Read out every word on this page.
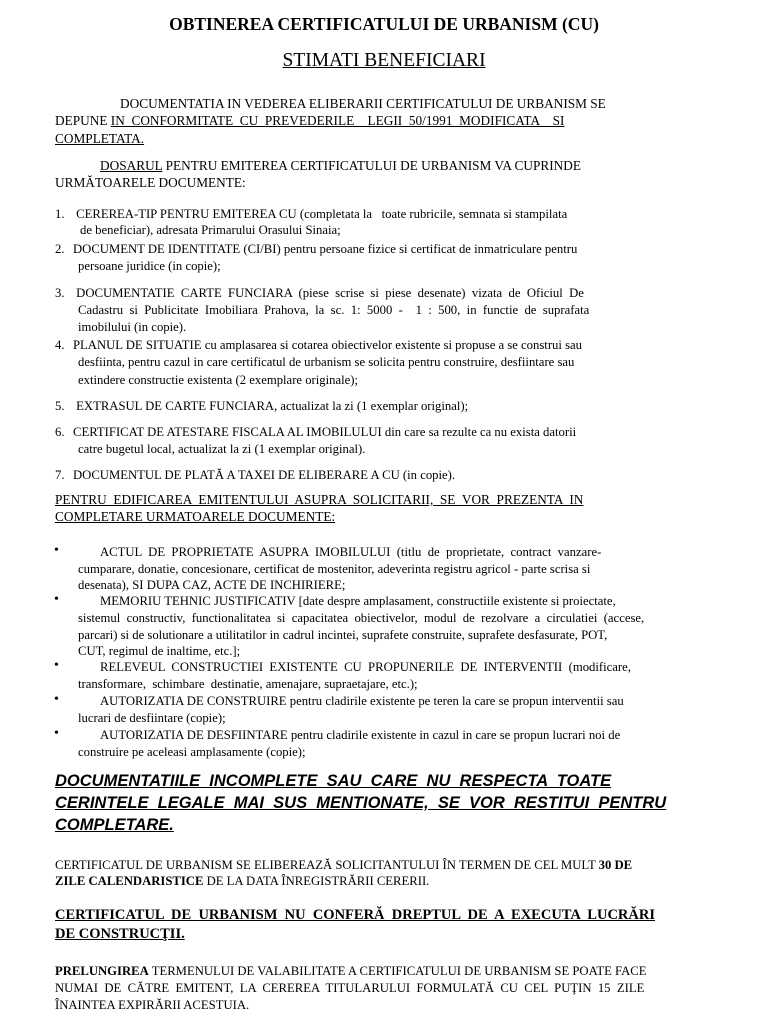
OBTINEREA CERTIFICATULUI DE URBANISM (CU)
STIMATI BENEFICIARI
DOCUMENTATIA IN VEDEREA ELIBERARII CERTIFICATULUI DE URBANISM SE
DEPUNE IN  CONFORMITATE  CU  PREVEDERILE    LEGII  50/1991  MODIFICATA    SI
COMPLETATA.
DOSARUL PENTRU EMITEREA CERTIFICATULUI DE URBANISM VA CUPRINDE
URMĂTOARELE DOCUMENTE:
1. CEREREA-TIP PENTRU EMITEREA CU (completata la   toate rubricile, semnata si stampilata
de beneficiar), adresata Primarului Orasului Sinaia;
2. DOCUMENT DE IDENTITATE (CI/BI) pentru persoane fizice si certificat de inmatriculare pentru
persoane juridice (in copie);
3. DOCUMENTATIE  CARTE  FUNCIARA  (piese  scrise  si  piese  desenate)  vizata  de  Oficiul  De
Cadastru  si  Publicitate  Imobiliara  Prahova,  la  sc.  1:  5000  -    1  :  500,  in  functie  de  suprafata
imobilului (in copie).
4. PLANUL DE SITUATIE cu amplasarea si cotarea obiectivelor existente si propuse a se construi sau
desfiinta, pentru cazul in care certificatul de urbanism se solicita pentru construire, desfiintare sau
extindere constructie existenta (2 exemplare originale);
5. EXTRASUL DE CARTE FUNCIARA, actualizat la zi (1 exemplar original);
6. CERTIFICAT DE ATESTARE FISCALA AL IMOBILULUI din care sa rezulte ca nu exista datorii
catre bugetul local, actualizat la zi (1 exemplar original).
7. DOCUMENTUL DE PLATĂ A TAXEI DE ELIBERARE A CU (in copie).
PENTRU  EDIFICAREA  EMITENTULUI  ASUPRA  SOLICITARII,  SE  VOR  PREZENTA  IN
COMPLETARE URMATOARELE DOCUMENTE:
•	ACTUL  DE  PROPRIETATE  ASUPRA  IMOBILULUI  (titlu  de  proprietate,  contract  vanzare-
cumparare, donatie, concesionare, certificat de mostenitor, adeverinta registru agricol - parte scrisa si
desenata), SI DUPA CAZ, ACTE DE INCHIRIERE;
•	MEMORIU TEHNIC JUSTIFICATIV [date despre amplasament, constructiile existente si proiectate,
sistemul  constructiv,  functionalitatea  si  capacitatea  obiectivelor,  modul  de  rezolvare  a  circulatiei  (accese,
parcari) si de solutionare a utilitatilor in cadrul incintei, suprafete construite, suprafete desfasurate, POT,
CUT, regimul de inaltime, etc.];
•	RELEVEUL  CONSTRUCTIEI  EXISTENTE  CU  PROPUNERILE  DE  INTERVENTII  (modificare,
transformare,  schimbare  destinatie, amenajare, supraetajare, etc.);
•	AUTORIZATIA DE CONSTRUIRE pentru cladirile existente pe teren la care se propun interventii sau
lucrari de desfiintare (copie);
•	AUTORIZATIA DE DESFIINTARE pentru cladirile existente in cazul in care se propun lucrari noi de
construire pe aceleasi amplasamente (copie);
DOCUMENTATIILE  INCOMPLETE  SAU  CARE  NU  RESPECTA  TOATE
CERINTELE  LEGALE  MAI  SUS  MENTIONATE,  SE  VOR  RESTITUI  PENTRU
COMPLETARE.
CERTIFICATUL DE URBANISM SE ELIBEREAZĂ SOLICITANTULUI ÎN TERMEN DE CEL MULT 30 DE
ZILE CALENDARISTICE DE LA DATA ÎNREGISTRĂRII CERERII.
CERTIFICATUL  DE  URBANISM  NU  CONFERĂ  DREPTUL  DE  A  EXECUTA  LUCRĂRI
DE CONSTRUCŢII.
PRELUNGIREA TERMENULUI DE VALABILITATE A CERTIFICATULUI DE URBANISM SE POATE FACE
NUMAI  DE  CĂTRE  EMITENT,  LA  CEREREA  TITULARULUI  FORMULATĂ  CU  CEL  PUŢIN  15  ZILE
ÎNAINTEA EXPIRĂRII ACESTUIA.
